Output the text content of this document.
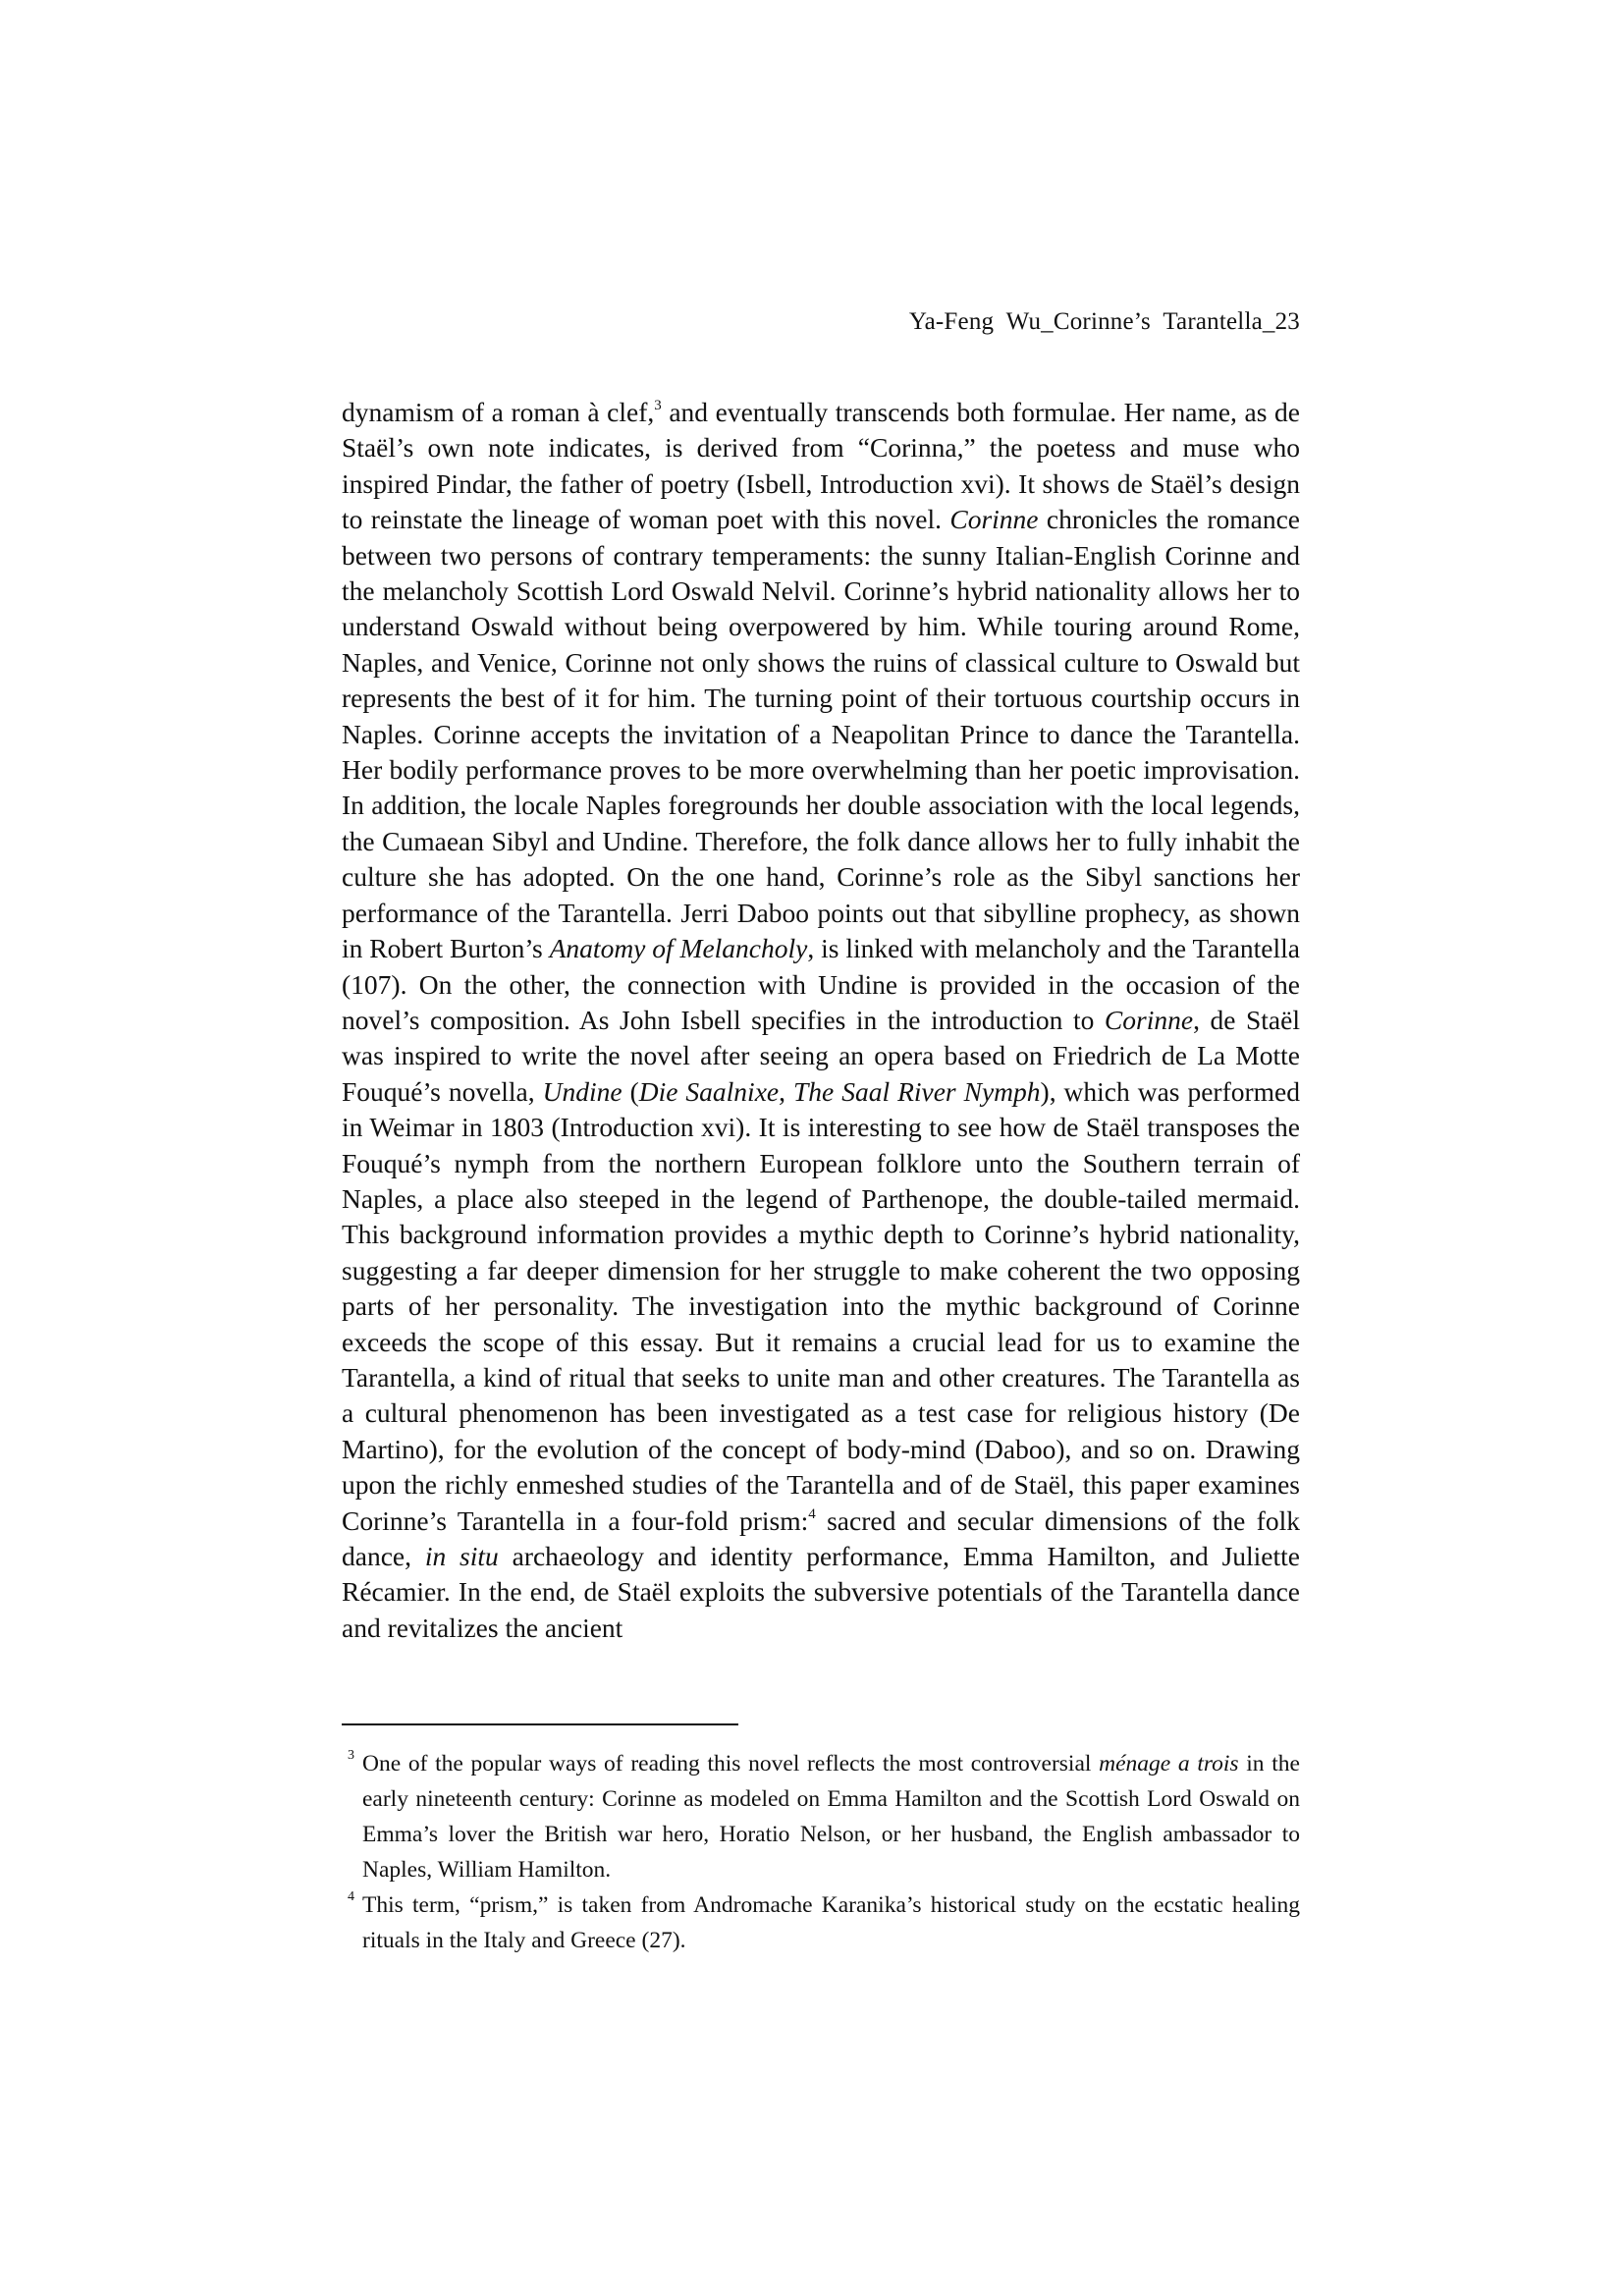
Ya-Feng  Wu_Corinne’s  Tarantella_23

dynamism of a roman à clef,$^3$ and eventually transcends both formulae. Her name, as de Staël’s own note indicates, is derived from “Corinna,” the poetess and muse who inspired Pindar, the father of poetry (Isbell, Introduction xvi). It shows de Staël’s design to reinstate the lineage of woman poet with this novel. Corinne chronicles the romance between two persons of contrary temperaments: the sunny Italian-English Corinne and the melancholy Scottish Lord Oswald Nelvil. Corinne’s hybrid nationality allows her to understand Oswald without being overpowered by him. While touring around Rome, Naples, and Venice, Corinne not only shows the ruins of classical culture to Oswald but represents the best of it for him. The turning point of their tortuous courtship occurs in Naples. Corinne accepts the invitation of a Neapolitan Prince to dance the Tarantella. Her bodily performance proves to be more overwhelming than her poetic improvisation. In addition, the locale Naples foregrounds her double association with the local legends, the Cumaean Sibyl and Undine. Therefore, the folk dance allows her to fully inhabit the culture she has adopted. On the one hand, Corinne’s role as the Sibyl sanctions her performance of the Tarantella. Jerri Daboo points out that sibylline prophecy, as shown in Robert Burton’s Anatomy of Melancholy, is linked with melancholy and the Tarantella (107). On the other, the connection with Undine is provided in the occasion of the novel’s composition. As John Isbell specifies in the introduction to Corinne, de Staël was inspired to write the novel after seeing an opera based on Friedrich de La Motte Fouqué’s novella, Undine (Die Saalnixe, The Saal River Nymph), which was performed in Weimar in 1803 (Introduction xvi). It is interesting to see how de Staël transposes the Fouqué’s nymph from the northern European folklore unto the Southern terrain of Naples, a place also steeped in the legend of Parthenope, the double-tailed mermaid. This background information provides a mythic depth to Corinne’s hybrid nationality, suggesting a far deeper dimension for her struggle to make coherent the two opposing parts of her personality. The investigation into the mythic background of Corinne exceeds the scope of this essay. But it remains a crucial lead for us to examine the Tarantella, a kind of ritual that seeks to unite man and other creatures. The Tarantella as a cultural phenomenon has been investigated as a test case for religious history (De Martino), for the evolution of the concept of body-mind (Daboo), and so on. Drawing upon the richly enmeshed studies of the Tarantella and of de Staël, this paper examines Corinne’s Tarantella in a four-fold prism:$^4$ sacred and secular dimensions of the folk dance, in situ archaeology and identity performance, Emma Hamilton, and Juliette Récamier. In the end, de Staël exploits the subversive potentials of the Tarantella dance and revitalizes the ancient

3 One of the popular ways of reading this novel reflects the most controversial ménage a trois in the early nineteenth century: Corinne as modeled on Emma Hamilton and the Scottish Lord Oswald on Emma’s lover the British war hero, Horatio Nelson, or her husband, the English ambassador to Naples, William Hamilton.
4 This term, “prism,” is taken from Andromache Karanika’s historical study on the ecstatic healing rituals in the Italy and Greece (27).
